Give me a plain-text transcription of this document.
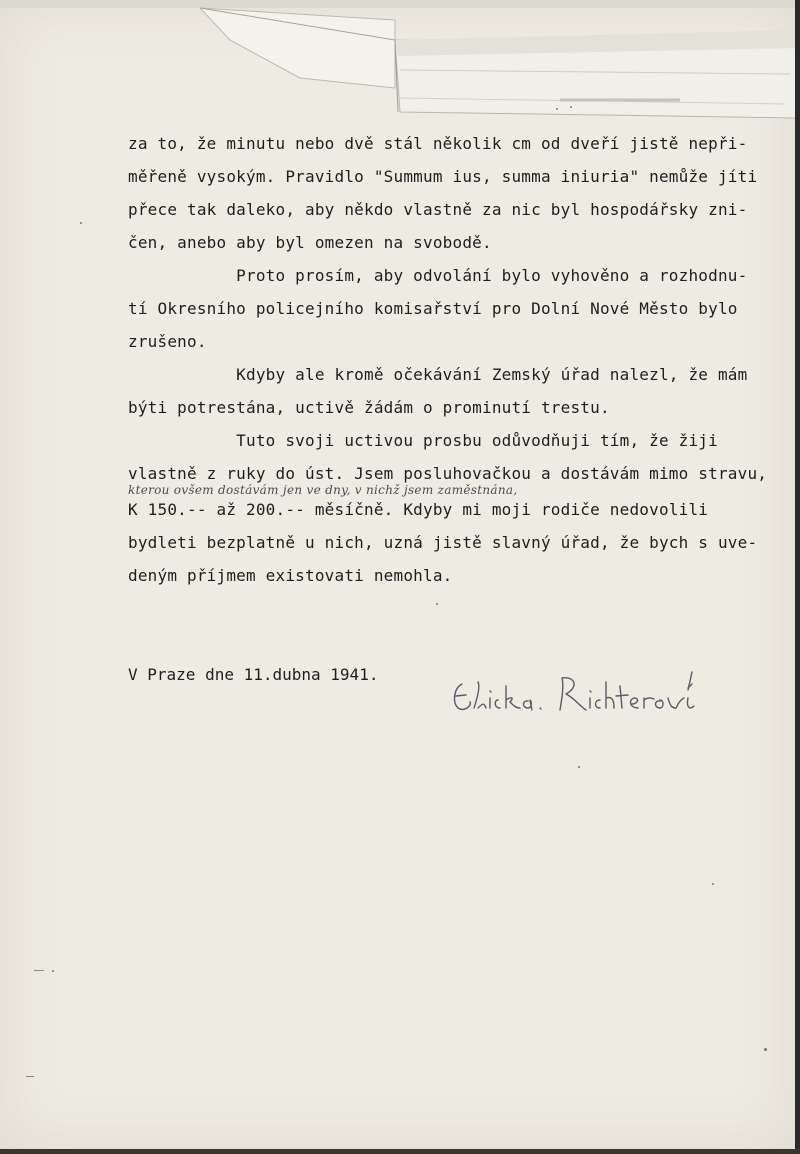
za to, že minutu nebo dvě stál několik cm od dveří jistě nepři-
měřeně vysokým. Pravidlo "Summum ius, summa iniuria" nemůže jíti
přece tak daleko, aby někdo vlastně za nic byl hospodářsky zni-
čen, anebo aby byl omezen na svobodě.
Proto prosím, aby odvolání bylo vyhověno a rozhodnu-
tí Okresního policejního komisařství pro Dolní Nové Město bylo
zrušeno.
Kdyby ale kromě očekávání Zemský úřad nalezl, že mám
býti potrestána, uctivě žádám o prominutí trestu.
Tuto svoji uctivou prosbu odůvodňuji tím, že žiji
vlastně z ruky do úst. Jsem posluhovačkou a dostávám mimo stravu,
kterou ovšem dostávám jen ve dny, v nichž jsem zaměstnána,
K 150.-- až 200.-- měsíčně. Kdyby mi moji rodiče nedovolili
bydleti bezplatně u nich, uzná jistě slavný úřad, že bych s uve-
deným příjmem existovati nemohla.
V Praze dne 11.dubna 1941.
